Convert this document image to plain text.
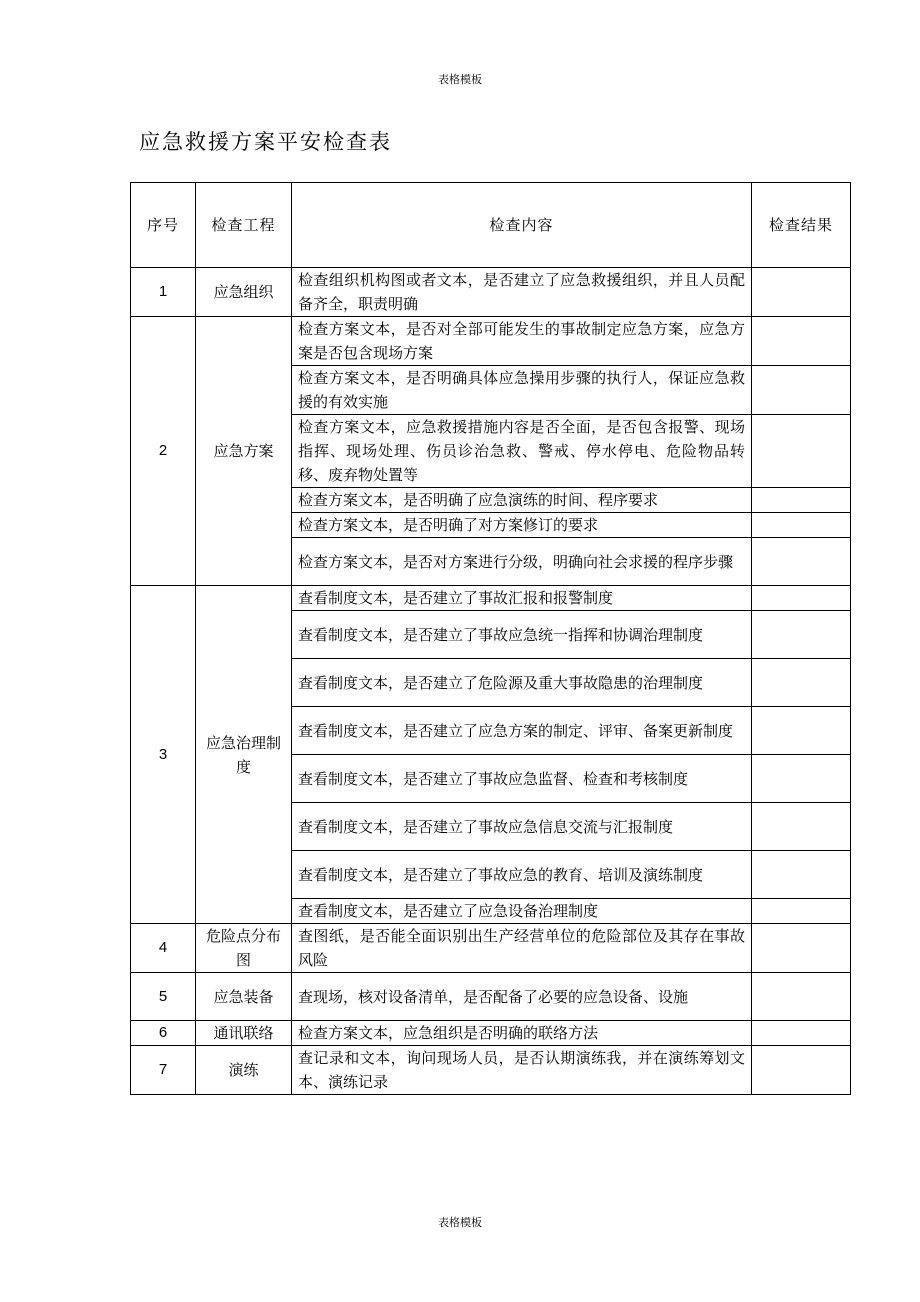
表格模板
应急救援方案平安检查表
序号	检查工程	检查内容	检查结果
1	应急组织	检查组织机构图或者文本，是否建立了应急救援组织，并且人员配备齐全，职责明确	
2	应急方案	检查方案文本，是否对全部可能发生的事故制定应急方案，应急方案是否包含现场方案	
		检查方案文本，是否明确具体应急操用步骤的执行人，保证应急救援的有效实施	
		检查方案文本，应急救援措施内容是否全面，是否包含报警、现场指挥、现场处理、伤员诊治急救、警戒、停水停电、危险物品转移、废弃物处置等	
		检查方案文本，是否明确了应急演练的时间、程序要求	
		检查方案文本，是否明确了对方案修订的要求	
		检查方案文本，是否对方案进行分级，明确向社会求援的程序步骤	
3	应急治理制度	查看制度文本，是否建立了事故汇报和报警制度	
		查看制度文本，是否建立了事故应急统一指挥和协调治理制度	
		查看制度文本，是否建立了危险源及重大事故隐患的治理制度	
		查看制度文本，是否建立了应急方案的制定、评审、备案更新制度	
		查看制度文本，是否建立了事故应急监督、检查和考核制度	
		查看制度文本，是否建立了事故应急信息交流与汇报制度	
		查看制度文本，是否建立了事故应急的教育、培训及演练制度	
		查看制度文本，是否建立了应急设备治理制度	
4	危险点分布图	查图纸，是否能全面识别出生产经营单位的危险部位及其存在事故风险	
5	应急装备	查现场，核对设备清单，是否配备了必要的应急设备、设施	
6	通讯联络	检查方案文本，应急组织是否明确的联络方法	
7	演练	查记录和文本，询问现场人员，是否认期演练我，并在演练筹划文本、演练记录	
表格模板
